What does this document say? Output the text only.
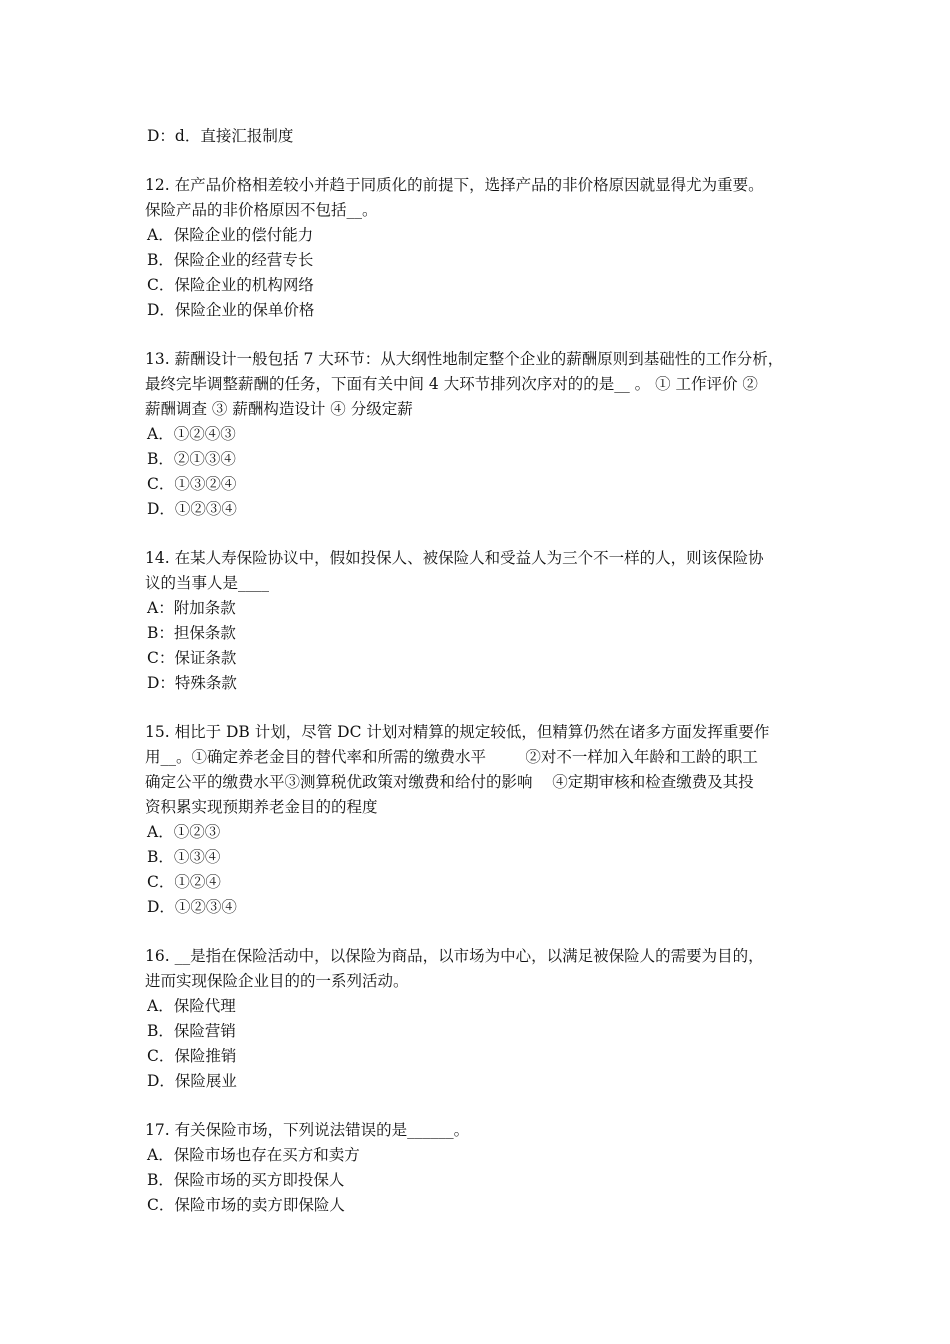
D：d．直接汇报制度
12. 在产品价格相差较小并趋于同质化的前提下，选择产品的非价格原因就显得尤为重要。
保险产品的非价格原因不包括__。
A．保险企业的偿付能力
B．保险企业的经营专长
C．保险企业的机构网络
D．保险企业的保单价格
13. 薪酬设计一般包括 7 大环节：从大纲性地制定整个企业的薪酬原则到基础性的工作分析，
最终完毕调整薪酬的任务，下面有关中间 4 大环节排列次序对的的是__ 。 ① 工作评价 ②
薪酬调查 ③ 薪酬构造设计 ④ 分级定薪
A．①②④③
B．②①③④
C．①③②④
D．①②③④
14. 在某人寿保险协议中，假如投保人、被保险人和受益人为三个不一样的人，则该保险协
议的当事人是____
A：附加条款
B：担保条款
C：保证条款
D：特殊条款
15. 相比于 DB 计划，尽管 DC 计划对精算的规定较低，但精算仍然在诸多方面发挥重要作
用__。①确定养老金目的替代率和所需的缴费水平        ②对不一样加入年龄和工龄的职工
确定公平的缴费水平③测算税优政策对缴费和给付的影响    ④定期审核和检查缴费及其投
资积累实现预期养老金目的的程度
A．①②③
B．①③④
C．①②④
D．①②③④
16. __是指在保险活动中，以保险为商品，以市场为中心，以满足被保险人的需要为目的，
进而实现保险企业目的的一系列活动。
A．保险代理
B．保险营销
C．保险推销
D．保险展业
17. 有关保险市场，下列说法错误的是______。
A．保险市场也存在买方和卖方
B．保险市场的买方即投保人
C．保险市场的卖方即保险人
